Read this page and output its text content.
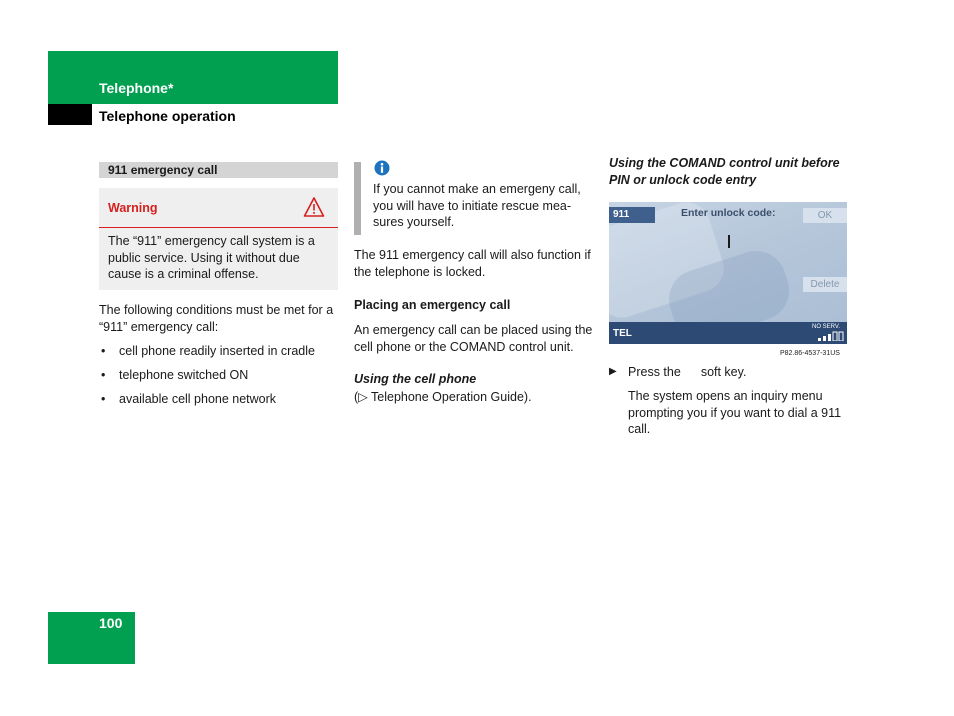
Telephone*
Telephone operation
911 emergency call
Warning
The “911” emergency call system is a public service. Using it without due cause is a criminal offense.
The following conditions must be met for a “911” emergency call:
• cell phone readily inserted in cradle
• telephone switched ON
• available cell phone network
If you cannot make an emergeny call, you will have to initiate rescue mea-sures yourself.
The 911 emergency call will also function if the telephone is locked.
Placing an emergency call
An emergency call can be placed using the cell phone or the COMAND control unit.
Using the cell phone
(▷ Telephone Operation Guide).
Using the COMAND control unit before PIN or unlock code entry
911	Enter unlock code:	OK
Delete
TEL
NO SERV.
P82.86-4537-31US
▶ Press the soft key.
The system opens an inquiry menu prompting you if you want to dial a 911 call.
100
